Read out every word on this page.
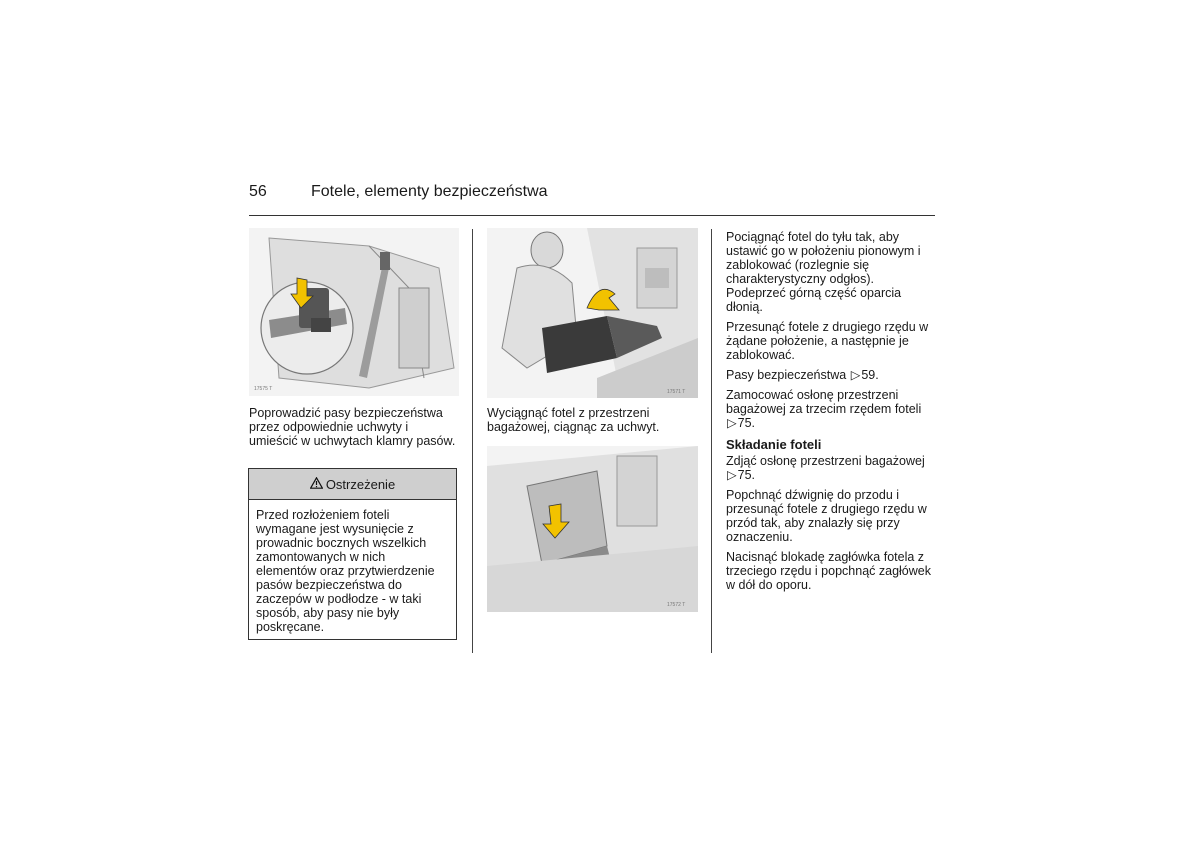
56	Fotele, elementy bezpieczeństwa
17575 T

Poprowadzić pasy bezpieczeństwa przez odpowiednie uchwyty i umieścić w uchwytach klamry pasów.

Ostrzeżenie
Przed rozłożeniem foteli wymagane jest wysunięcie z prowadnic bocznych wszelkich zamontowanych w nich elementów oraz przytwierdzenie pasów bezpieczeństwa do zaczepów w podłodze - w taki sposób, aby pasy nie były poskręcane.
17571 T

Wyciągnąć fotel z przestrzeni bagażowej, ciągnąc za uchwyt.

17572 T

Pociągnąć fotel do tyłu tak, aby ustawić go w położeniu pionowym i zablokować (rozlegnie się charakterystyczny odgłos). Podeprzeć górną część oparcia dłonią.

Przesunąć fotele z drugiego rzędu w żądane położenie, a następnie je zablokować.

Pasy bezpieczeństwa ▷59.

Zamocować osłonę przestrzeni bagażowej za trzecim rzędem foteli ▷75.

Składanie foteli

Zdjąć osłonę przestrzeni bagażowej ▷75.

Popchnąć dźwignię do przodu i przesunąć fotele z drugiego rzędu w przód tak, aby znalazły się przy oznaczeniu.

Nacisnąć blokadę zagłówka fotela z trzeciego rzędu i popchnąć zagłówek w dół do oporu.
